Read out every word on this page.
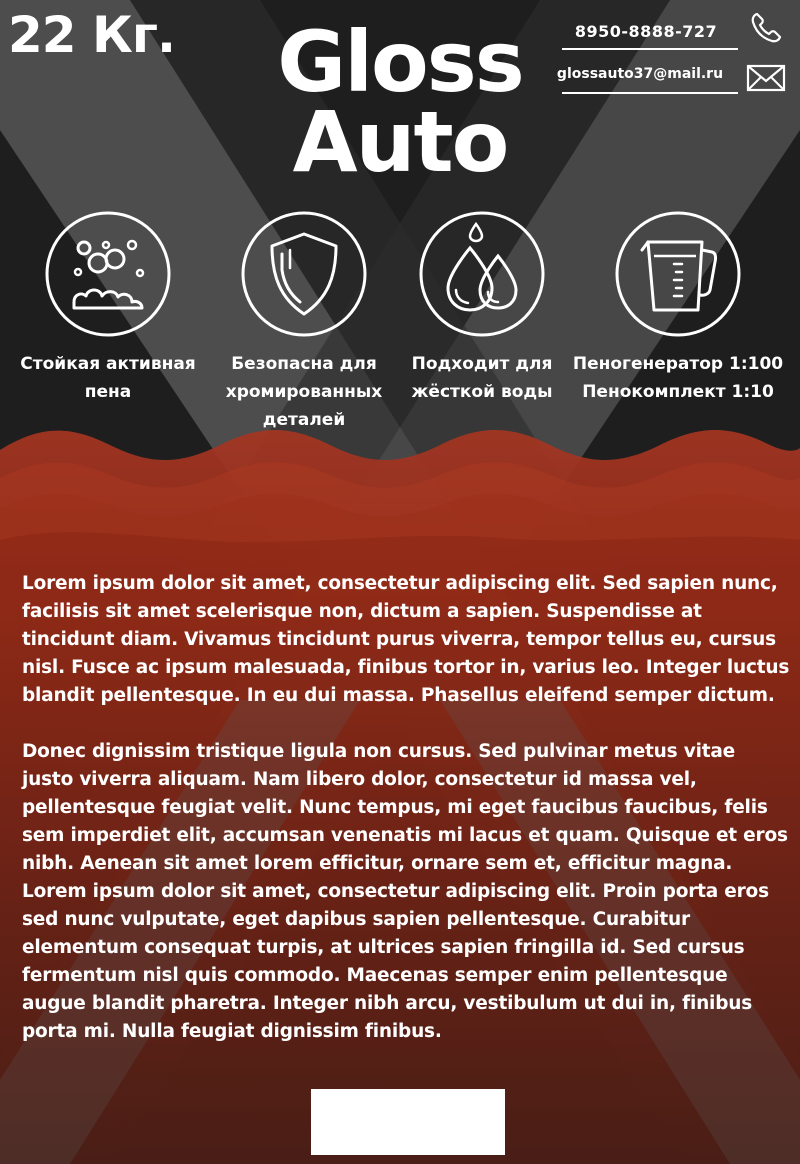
22 Кг.	Gloss
Auto
8950-8888-727
glossauto37@mail.ru
Стойкая активная
пена
Безопасна для
хромированных
деталей
Подходит для
жёсткой воды
Пеногенератор 1:100
Пенокомплект 1:10

Lorem ipsum dolor sit amet, consectetur adipiscing elit. Sed sapien nunc, facilisis sit amet scelerisque non, dictum a sapien. Suspendisse at tincidunt diam. Vivamus tincidunt purus viverra, tempor tellus eu, cursus nisl. Fusce ac ipsum malesuada, finibus tortor in, varius leo. Integer luctus blandit pellentesque. In eu dui massa. Phasellus eleifend semper dictum.

Donec dignissim tristique ligula non cursus. Sed pulvinar metus vitae justo viverra aliquam. Nam libero dolor, consectetur id massa vel, pellentesque feugiat velit. Nunc tempus, mi eget faucibus faucibus, felis sem imperdiet elit, accumsan venenatis mi lacus et quam. Quisque et eros nibh. Aenean sit amet lorem efficitur, ornare sem et, efficitur magna. Lorem ipsum dolor sit amet, consectetur adipiscing elit. Proin porta eros sed nunc vulputate, eget dapibus sapien pellentesque. Curabitur elementum consequat turpis, at ultrices sapien fringilla id. Sed cursus fermentum nisl quis commodo. Maecenas semper enim pellentesque augue blandit pharetra. Integer nibh arcu, vestibulum ut dui in, finibus porta mi. Nulla feugiat dignissim finibus.
